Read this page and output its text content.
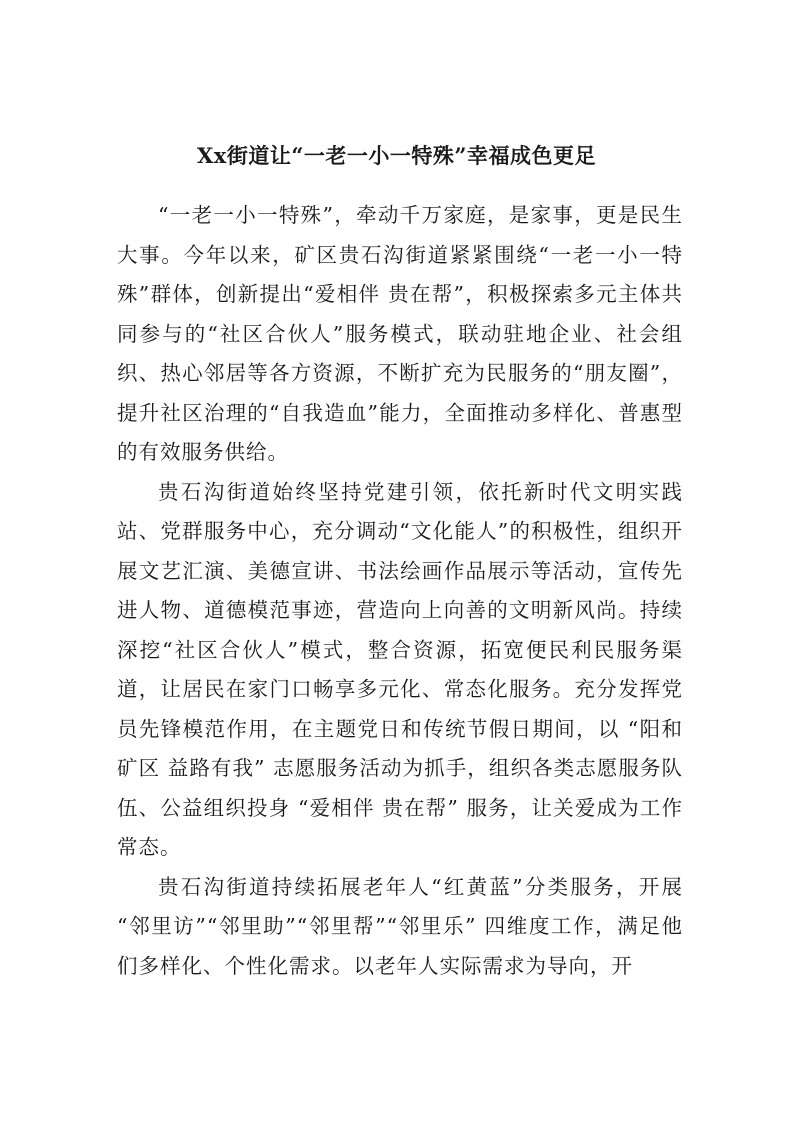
Xx街道让“一老一小一特殊”幸福成色更足

“一老一小一特殊”，牵动千万家庭，是家事，更是民生大事。今年以来，矿区贵石沟街道紧紧围绕“一老一小一特殊”群体，创新提出“爱相伴 贵在帮”，积极探索多元主体共同参与的“社区合伙人”服务模式，联动驻地企业、社会组织、热心邻居等各方资源，不断扩充为民服务的“朋友圈”，提升社区治理的“自我造血”能力，全面推动多样化、普惠型的有效服务供给。

贵石沟街道始终坚持党建引领，依托新时代文明实践站、党群服务中心，充分调动“文化能人”的积极性，组织开展文艺汇演、美德宣讲、书法绘画作品展示等活动，宣传先进人物、道德模范事迹，营造向上向善的文明新风尚。持续深挖“社区合伙人”模式，整合资源，拓宽便民利民服务渠道，让居民在家门口畅享多元化、常态化服务。充分发挥党员先锋模范作用，在主题党日和传统节假日期间，以 “阳和矿区 益路有我” 志愿服务活动为抓手，组织各类志愿服务队伍、公益组织投身 “爱相伴 贵在帮” 服务，让关爱成为工作常态。

贵石沟街道持续拓展老年人“红黄蓝”分类服务，开展 “邻里访”“邻里助”“邻里帮”“邻里乐” 四维度工作，满足他们多样化、个性化需求。以老年人实际需求为导向，开
